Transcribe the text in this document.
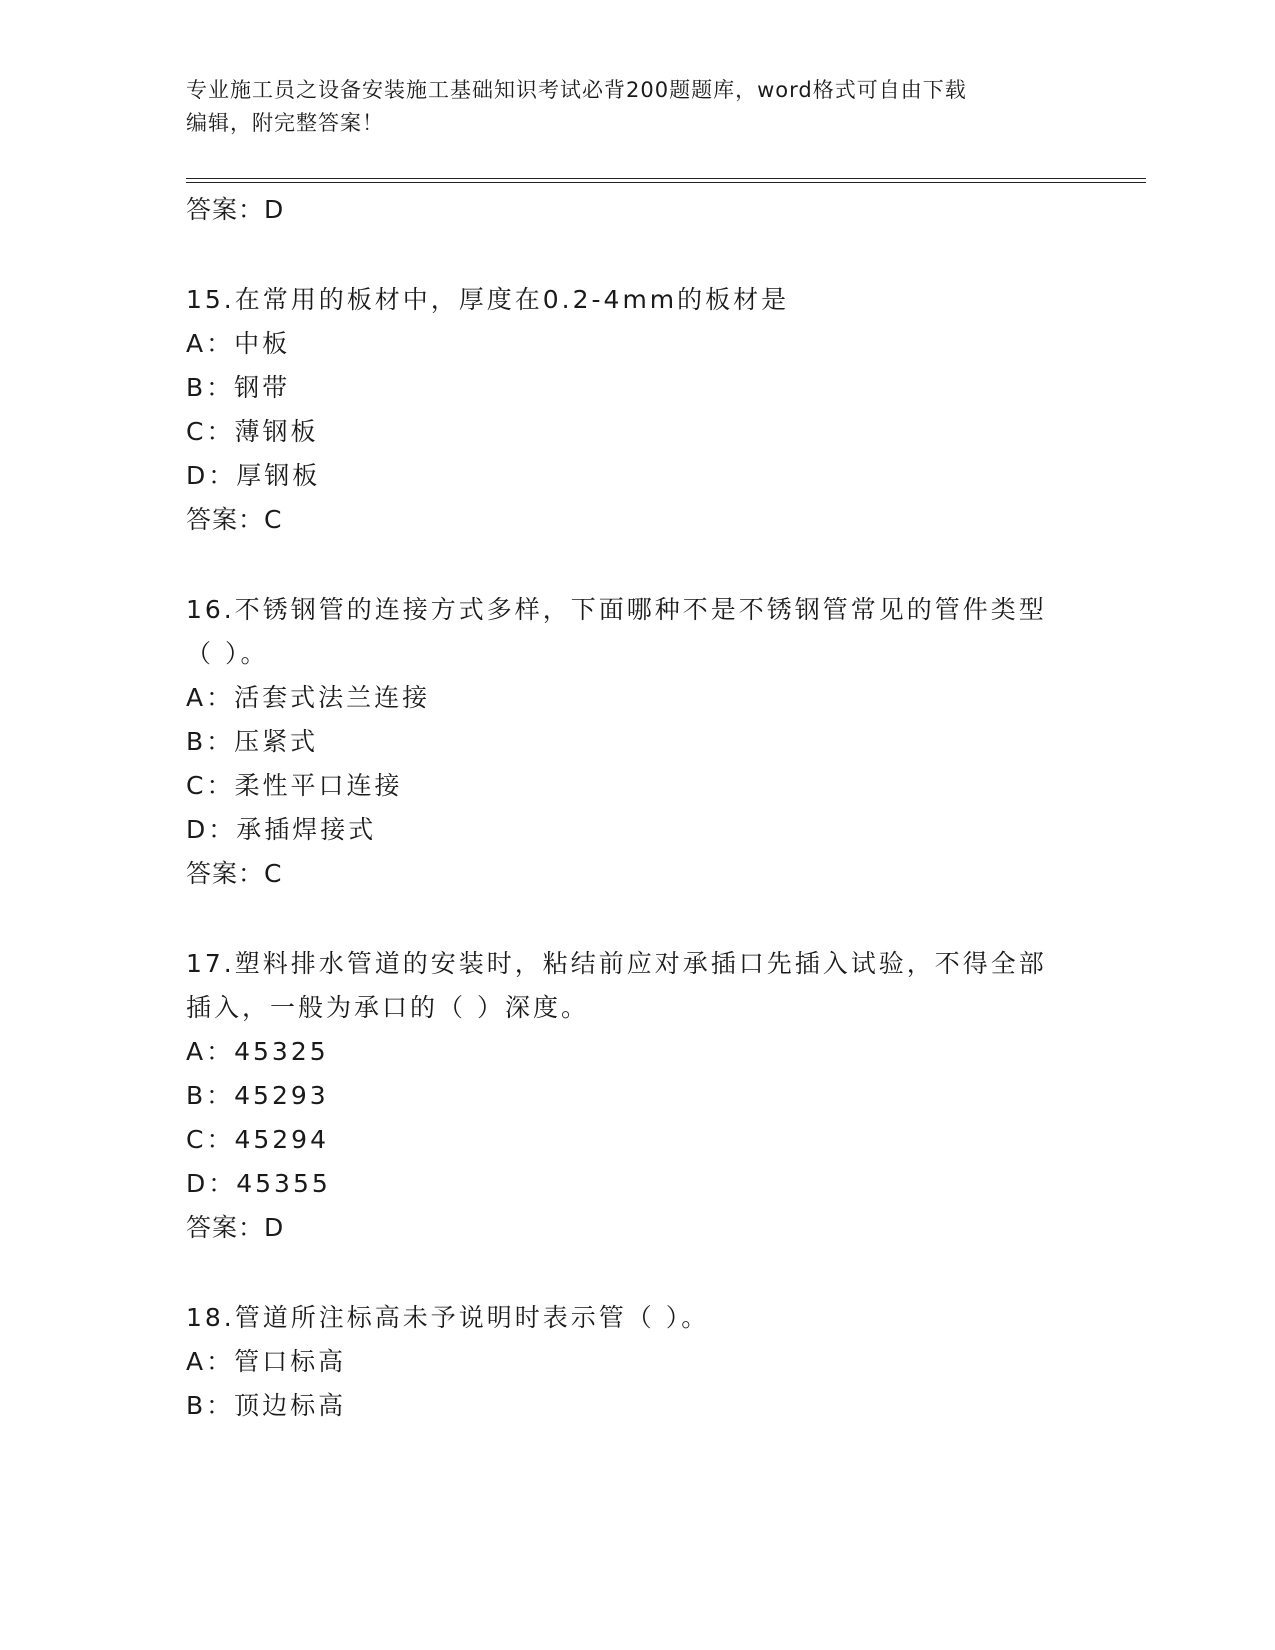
专业施工员之设备安装施工基础知识考试必背200题题库，word格式可自由下载
编辑，附完整答案！
答案：D
15.在常用的板材中，厚度在0.2-4mm的板材是
A：中板
B：钢带
C：薄钢板
D：厚钢板
答案：C
16.不锈钢管的连接方式多样，下面哪种不是不锈钢管常见的管件类型
（ ）。
A：活套式法兰连接
B：压紧式
C：柔性平口连接
D：承插焊接式
答案：C
17.塑料排水管道的安装时，粘结前应对承插口先插入试验，不得全部
插入，一般为承口的（ ）深度。
A：45325
B：45293
C：45294
D：45355
答案：D
18.管道所注标高未予说明时表示管（ ）。
A：管口标高
B：顶边标高
